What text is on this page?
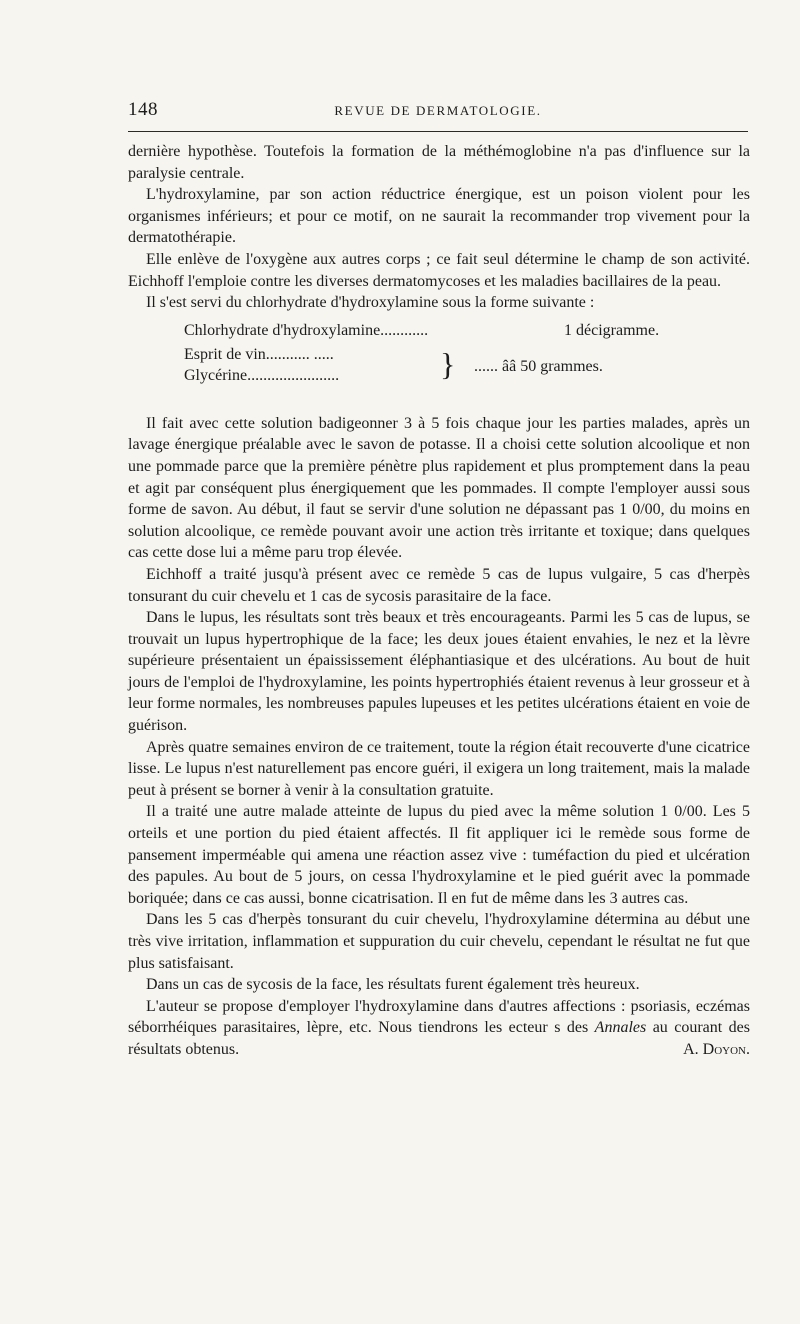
148	REVUE DE DERMATOLOGIE.

dernière hypothèse. Toutefois la formation de la méthémoglobine n'a pas d'influence sur la paralysie centrale.

L'hydroxylamine, par son action réductrice énergique, est un poison violent pour les organismes inférieurs; et pour ce motif, on ne saurait la recommander trop vivement pour la dermatothérapie.

Elle enlève de l'oxygène aux autres corps ; ce fait seul détermine le champ de son activité. Eichhoff l'emploie contre les diverses dermatomycoses et les maladies bacillaires de la peau.

Il s'est servi du chlorhydrate d'hydroxylamine sous la forme suivante :

Chlorhydrate d'hydroxylamine............	1 décigramme.
Esprit de vin........... .....
Glycérine.......................	} ...... ââ 50 grammes.

Il fait avec cette solution badigeonner 3 à 5 fois chaque jour les parties malades, après un lavage énergique préalable avec le savon de potasse. Il a choisi cette solution alcoolique et non une pommade parce que la première pénètre plus rapidement et plus promptement dans la peau et agit par conséquent plus énergiquement que les pommades. Il compte l'employer aussi sous forme de savon. Au début, il faut se servir d'une solution ne dépassant pas 1 0/00, du moins en solution alcoolique, ce remède pouvant avoir une action très irritante et toxique; dans quelques cas cette dose lui a même paru trop élevée.

Eichhoff a traité jusqu'à présent avec ce remède 5 cas de lupus vulgaire, 5 cas d'herpès tonsurant du cuir chevelu et 1 cas de sycosis parasitaire de la face.

Dans le lupus, les résultats sont très beaux et très encourageants. Parmi les 5 cas de lupus, se trouvait un lupus hypertrophique de la face; les deux joues étaient envahies, le nez et la lèvre supérieure présentaient un épaississement éléphantiasique et des ulcérations. Au bout de huit jours de l'emploi de l'hydroxylamine, les points hypertrophiés étaient revenus à leur grosseur et à leur forme normales, les nombreuses papules lupeuses et les petites ulcérations étaient en voie de guérison.

Après quatre semaines environ de ce traitement, toute la région était recouverte d'une cicatrice lisse. Le lupus n'est naturellement pas encore guéri, il exigera un long traitement, mais la malade peut à présent se borner à venir à la consultation gratuite.

Il a traité une autre malade atteinte de lupus du pied avec la même solution 1 0/00. Les 5 orteils et une portion du pied étaient affectés. Il fit appliquer ici le remède sous forme de pansement imperméable qui amena une réaction assez vive : tuméfaction du pied et ulcération des papules. Au bout de 5 jours, on cessa l'hydroxylamine et le pied guérit avec la pommade boriquée; dans ce cas aussi, bonne cicatrisation. Il en fut de même dans les 3 autres cas.

Dans les 5 cas d'herpès tonsurant du cuir chevelu, l'hydroxylamine détermina au début une très vive irritation, inflammation et suppuration du cuir chevelu, cependant le résultat ne fut que plus satisfaisant.

Dans un cas de sycosis de la face, les résultats furent également très heureux.

L'auteur se propose d'employer l'hydroxylamine dans d'autres affections : psoriasis, eczémas séborrhéiques parasitaires, lèpre, etc. Nous tiendrons les ecteur s des Annales au courant des résultats obtenus.	A. Doyon.
